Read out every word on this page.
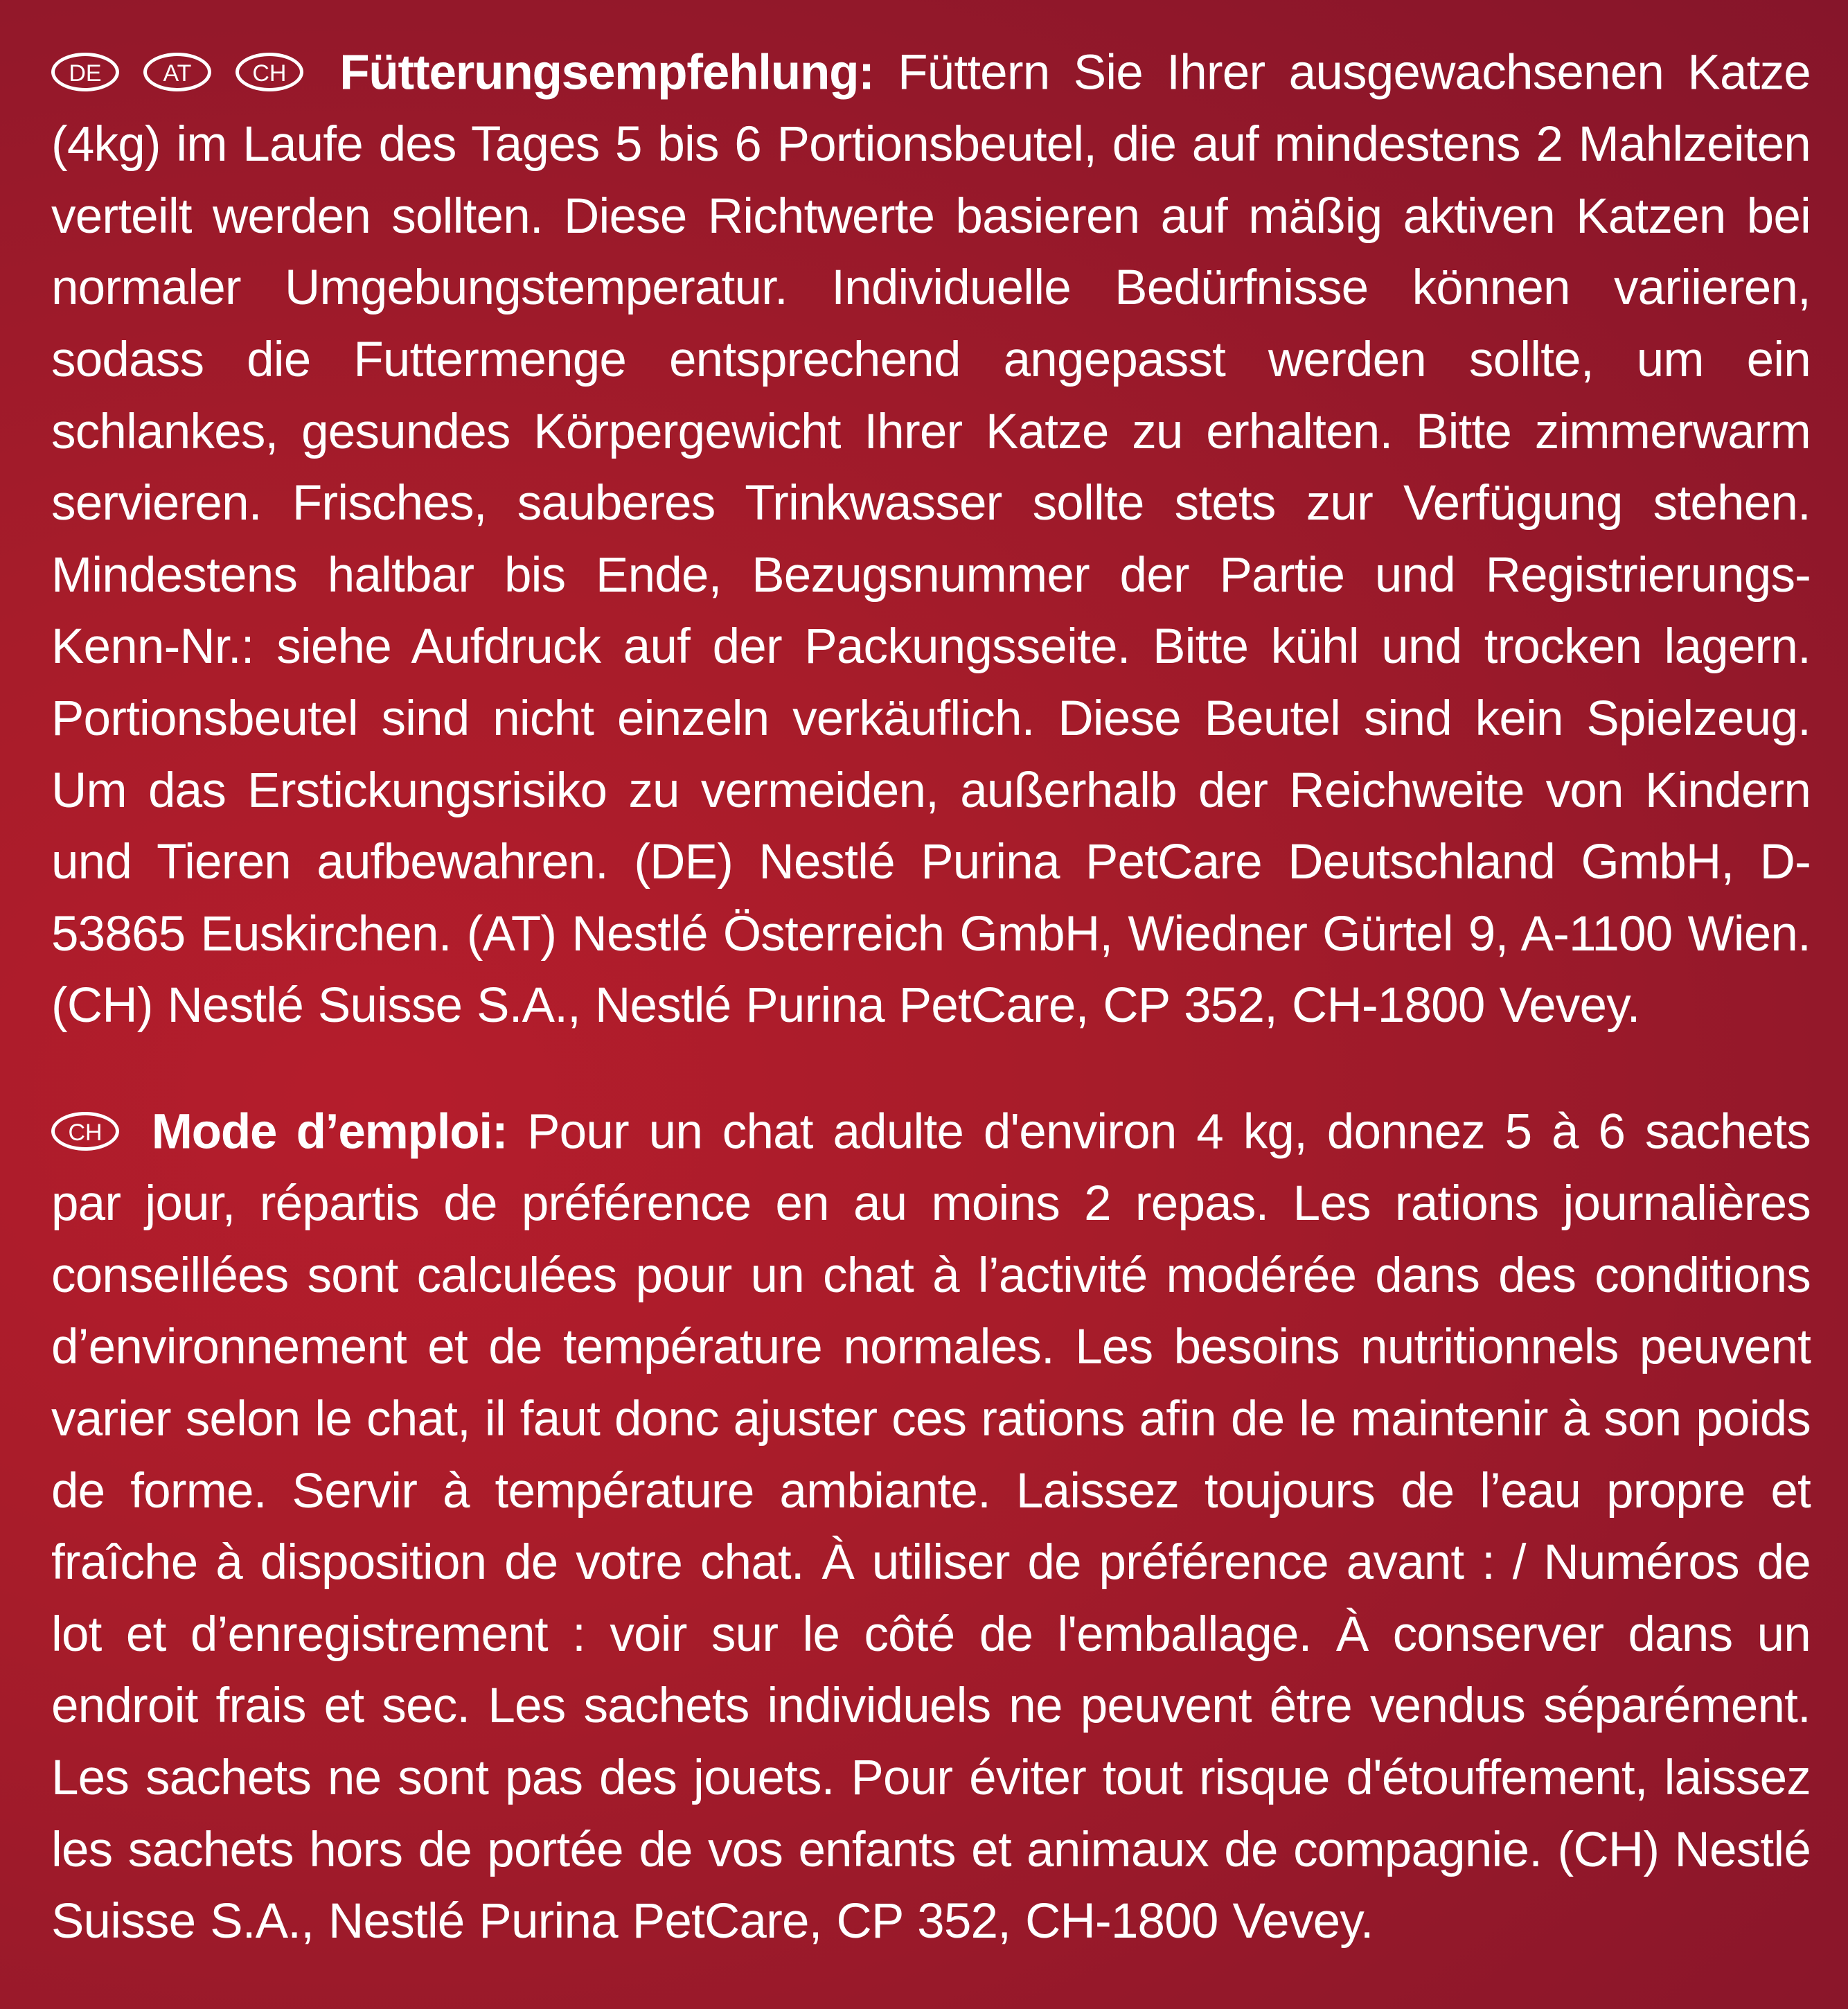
DE	AT	CH Fütterungsempfehlung: Füttern Sie Ihrer ausgewachsenen Katze (4kg) im Laufe des Tages 5 bis 6 Portionsbeutel, die auf mindestens 2 Mahlzeiten verteilt werden sollten. Diese Richtwerte basieren auf mäßig aktiven Katzen bei normaler Umgebungstemperatur. Individuelle Bedürfnisse können variieren, sodass die Futtermenge entsprechend angepasst werden sollte, um ein schlankes, gesundes Körpergewicht Ihrer Katze zu erhalten. Bitte zimmerwarm servieren. Frisches, sauberes Trinkwasser sollte stets zur Verfügung stehen. Mindestens haltbar bis Ende, Bezugsnummer der Partie und Registrierungs-Kenn-Nr.: siehe Aufdruck auf der Packungsseite. Bitte kühl und trocken lagern. Portionsbeutel sind nicht einzeln verkäuflich. Diese Beutel sind kein Spielzeug. Um das Erstickungsrisiko zu vermeiden, außerhalb der Reichweite von Kindern und Tieren aufbewahren. (DE) Nestlé Purina PetCare Deutschland GmbH, D-53865 Euskirchen. (AT) Nestlé Österreich GmbH, Wiedner Gürtel 9, A-1100 Wien. (CH) Nestlé Suisse S.A., Nestlé Purina PetCare, CP 352, CH-1800 Vevey.

CH Mode d’emploi: Pour un chat adulte d'environ 4 kg, donnez 5 à 6 sachets par jour, répartis de préférence en au moins 2 repas. Les rations journalières conseillées sont calculées pour un chat à l’activité modérée dans des conditions d’environnement et de température normales. Les besoins nutritionnels peuvent varier selon le chat, il faut donc ajuster ces rations afin de le maintenir à son poids de forme. Servir à température ambiante. Laissez toujours de l’eau propre et fraîche à disposition de votre chat. À utiliser de préférence avant : / Numéros de lot et d’enregistrement : voir sur le côté de l'emballage. À conserver dans un endroit frais et sec. Les sachets individuels ne peuvent être vendus séparément. Les sachets ne sont pas des jouets. Pour éviter tout risque d'étouffement, laissez les sachets hors de portée de vos enfants et animaux de compagnie. (CH) Nestlé Suisse S.A., Nestlé Purina PetCare, CP 352, CH-1800 Vevey.
